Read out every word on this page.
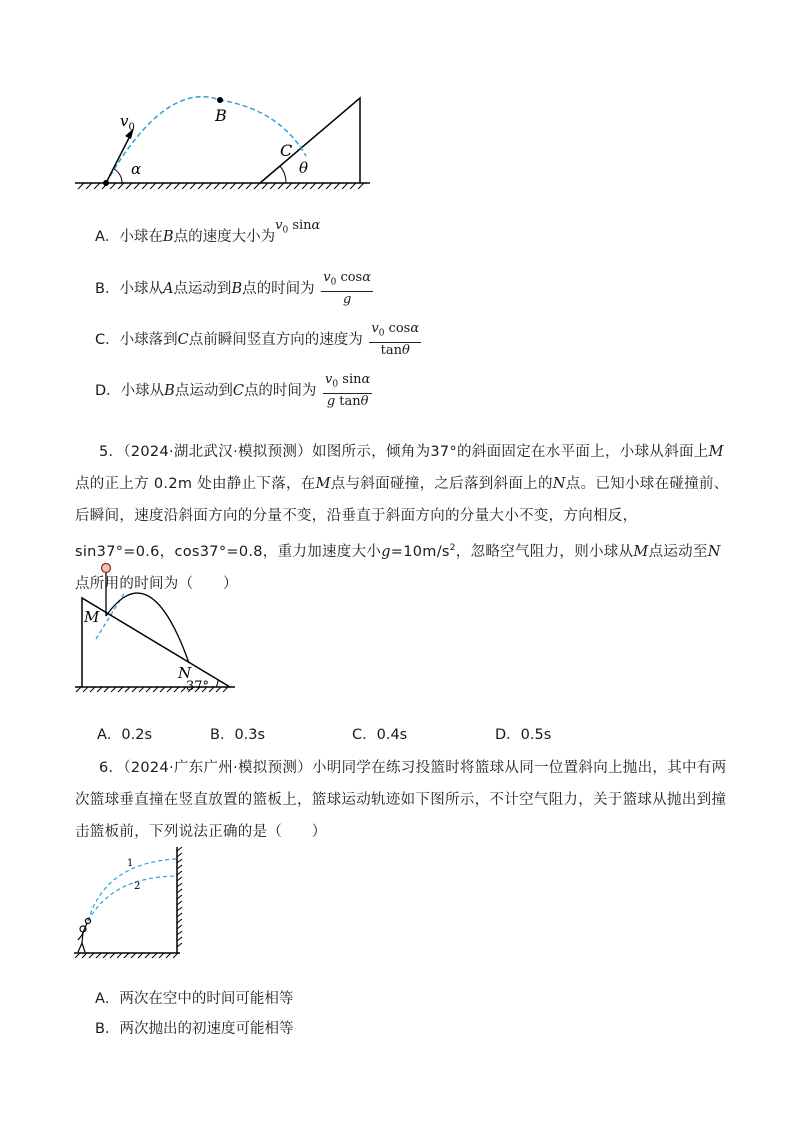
$v_0$
B
C
α	θ
A．小球在B点的速度大小为$v_0$ sinα
B．小球从A点运动到B点的时间为 $\frac{v_0 \cos\alpha}{g}$
C．小球落到C点前瞬间竖直方向的速度为 $\frac{v_0 \cos\alpha}{\tan\theta}$
D．小球从B点运动到C点的时间为 $\frac{v_0 \sin\alpha}{\text{g tanθ}}$
5．（2024·湖北武汉·模拟预测）如图所示，倾角为37°的斜面固定在水平面上，小球从斜面上M点的正上方 0.2m 处由静止下落，在M点与斜面碰撞，之后落到斜面上的N点。已知小球在碰撞前、后瞬间，速度沿斜面方向的分量不变，沿垂直于斜面方向的分量大小不变，方向相反，sin37°=0.6，cos37°=0.8，重力加速度大小$g=10m/s^2$，忽略空气阻力，则小球从M点运动至N点所用的时间为（　　）
M
N
37°
A．0.2s	B．0.3s	C．0.4s	D．0.5s
6．（2024·广东广州·模拟预测）小明同学在练习投篮时将篮球从同一位置斜向上抛出，其中有两次篮球垂直撞在竖直放置的篮板上，篮球运动轨迹如下图所示，不计空气阻力，关于篮球从抛出到撞击篮板前，下列说法正确的是（　　）
1
2
A．两次在空中的时间可能相等
B．两次抛出的初速度可能相等
